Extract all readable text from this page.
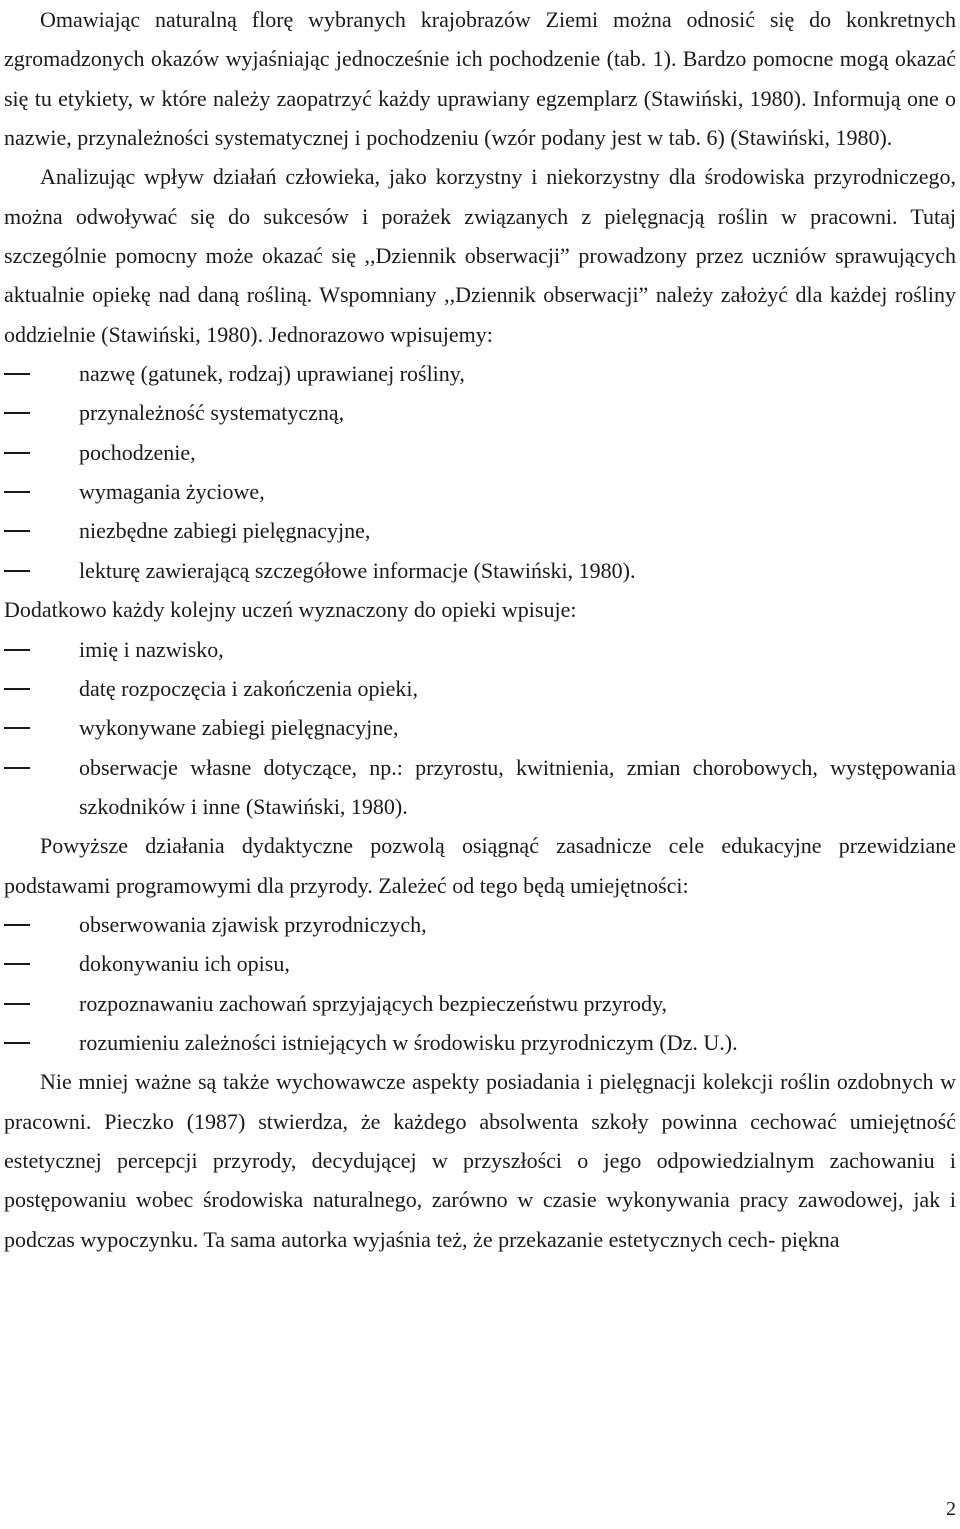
Omawiając naturalną florę wybranych krajobrazów Ziemi można odnosić się do konkretnych zgromadzonych okazów wyjaśniając jednocześnie ich pochodzenie (tab. 1). Bardzo pomocne mogą okazać się tu etykiety, w które należy zaopatrzyć każdy uprawiany egzemplarz (Stawiński, 1980). Informują one o nazwie, przynależności systematycznej i pochodzeniu (wzór podany jest w tab. 6) (Stawiński, 1980).

Analizując wpływ działań człowieka, jako korzystny i niekorzystny dla środowiska przyrodniczego, można odwoływać się do sukcesów i porażek związanych z pielęgnacją roślin w pracowni. Tutaj szczególnie pomocny może okazać się ,,Dziennik obserwacji” prowadzony przez uczniów sprawujących aktualnie opiekę nad daną rośliną. Wspomniany ,,Dziennik obserwacji” należy założyć dla każdej rośliny oddzielnie (Stawiński, 1980). Jednorazowo wpisujemy:

nazwę (gatunek, rodzaj) uprawianej rośliny,
przynależność systematyczną,
pochodzenie,
wymagania życiowe,
niezbędne zabiegi pielęgnacyjne,
lekturę zawierającą szczegółowe informacje (Stawiński, 1980).

Dodatkowo każdy kolejny uczeń wyznaczony do opieki wpisuje:

imię i nazwisko,
datę rozpoczęcia i zakończenia opieki,
wykonywane zabiegi pielęgnacyjne,
obserwacje własne dotyczące, np.: przyrostu, kwitnienia, zmian chorobowych, występowania szkodników i inne (Stawiński, 1980).

Powyższe działania dydaktyczne pozwolą osiągnąć zasadnicze cele edukacyjne przewidziane podstawami programowymi dla przyrody. Zależeć od tego będą umiejętności:

obserwowania zjawisk przyrodniczych,
dokonywaniu ich opisu,
rozpoznawaniu zachowań sprzyjających bezpieczeństwu przyrody,
rozumieniu zależności istniejących w środowisku przyrodniczym (Dz. U.).

Nie mniej ważne są także wychowawcze aspekty posiadania i pielęgnacji kolekcji roślin ozdobnych w pracowni. Pieczko (1987) stwierdza, że każdego absolwenta szkoły powinna cechować umiejętność estetycznej percepcji przyrody, decydującej w przyszłości o jego odpowiedzialnym zachowaniu i postępowaniu wobec środowiska naturalnego, zarówno w czasie wykonywania pracy zawodowej, jak i podczas wypoczynku. Ta sama autorka wyjaśnia też, że przekazanie estetycznych cech- piękna

2
